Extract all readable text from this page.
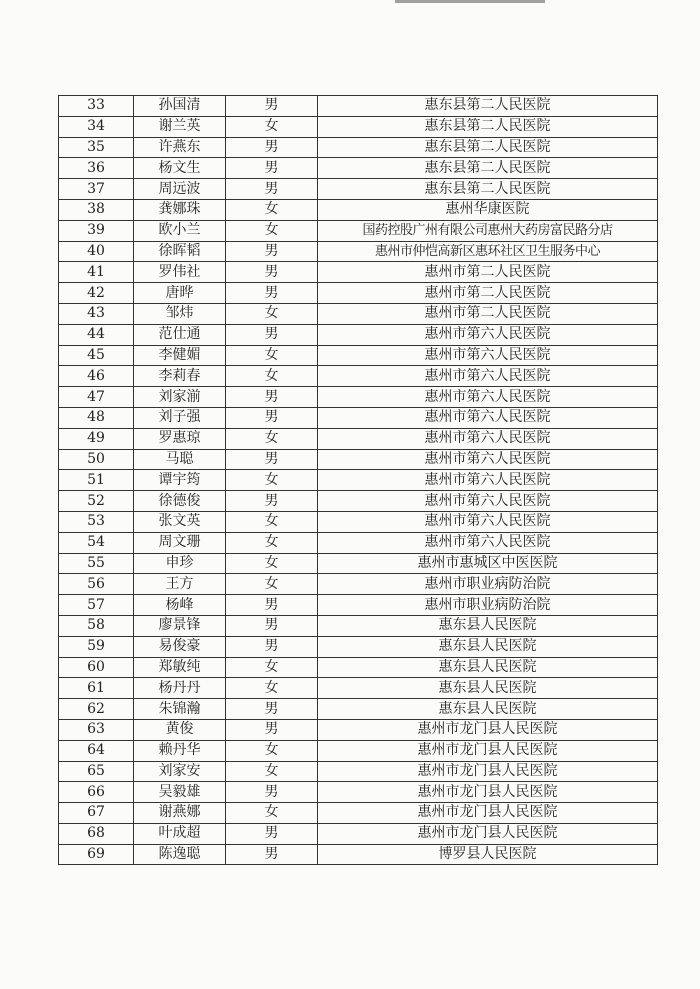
33	孙国清	男	惠东县第二人民医院
34	谢兰英	女	惠东县第二人民医院
35	许燕东	男	惠东县第二人民医院
36	杨文生	男	惠东县第二人民医院
37	周远波	男	惠东县第二人民医院
38	龚娜珠	女	惠州华康医院
39	欧小兰	女	国药控股广州有限公司惠州大药房富民路分店
40	徐晖韬	男	惠州市仲恺高新区惠环社区卫生服务中心
41	罗伟社	男	惠州市第二人民医院
42	唐晔	男	惠州市第二人民医院
43	邹炜	女	惠州市第二人民医院
44	范仕通	男	惠州市第六人民医院
45	李健媚	女	惠州市第六人民医院
46	李莉春	女	惠州市第六人民医院
47	刘家湔	男	惠州市第六人民医院
48	刘子强	男	惠州市第六人民医院
49	罗惠琼	女	惠州市第六人民医院
50	马聪	男	惠州市第六人民医院
51	谭宇筠	女	惠州市第六人民医院
52	徐德俊	男	惠州市第六人民医院
53	张文英	女	惠州市第六人民医院
54	周文珊	女	惠州市第六人民医院
55	申珍	女	惠州市惠城区中医医院
56	王方	女	惠州市职业病防治院
57	杨峰	男	惠州市职业病防治院
58	廖景锋	男	惠东县人民医院
59	易俊豪	男	惠东县人民医院
60	郑敏纯	女	惠东县人民医院
61	杨丹丹	女	惠东县人民医院
62	朱锦瀚	男	惠东县人民医院
63	黄俊	男	惠州市龙门县人民医院
64	赖丹华	女	惠州市龙门县人民医院
65	刘家安	女	惠州市龙门县人民医院
66	吴毅雄	男	惠州市龙门县人民医院
67	谢燕娜	女	惠州市龙门县人民医院
68	叶成超	男	惠州市龙门县人民医院
69	陈逸聪	男	博罗县人民医院
